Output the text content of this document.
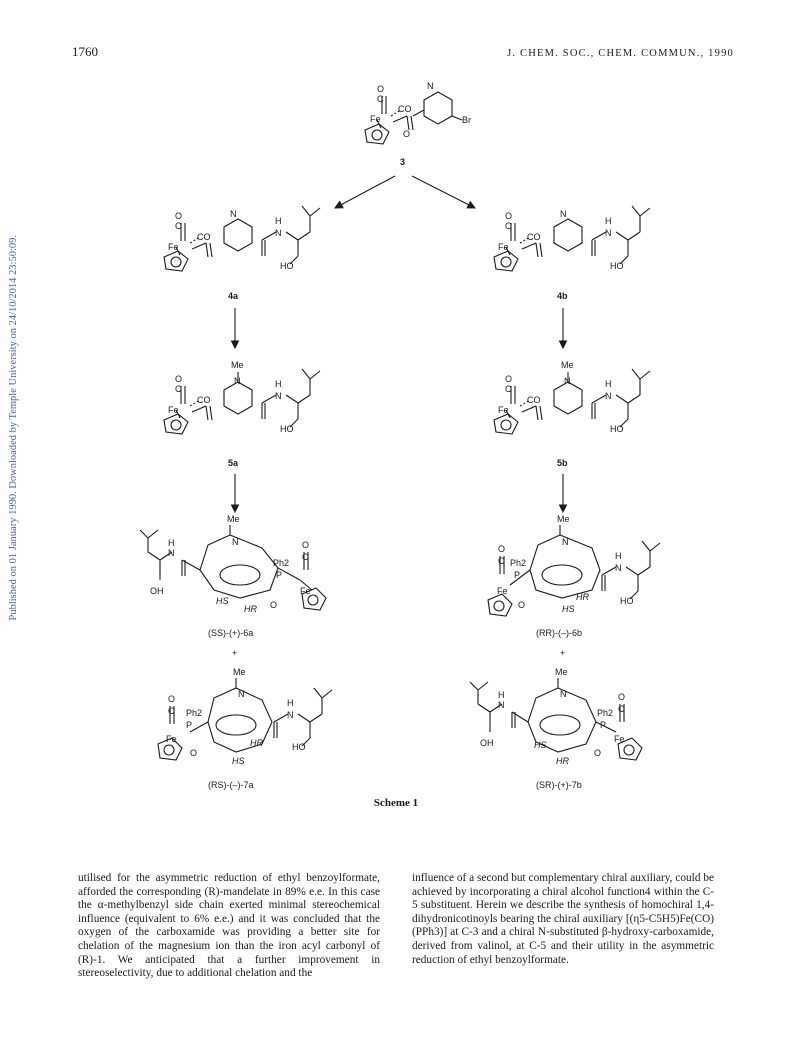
1760	J. CHEM. SOC., CHEM. COMMUN., 1990
Published on 01 January 1990. Downloaded by Temple University on 24/10/2014 23:50:09.
O
C
Fe
CO
N
Br
O
O
C
Fe
CO
N
N
H
HO
O
C
Fe
CO
N
N
H
HO
4a	4b
3
Me
O
C
Fe
CO
N
N
H
HO
Me
O
C
Fe
CO
N
N
H
HO
5a	5b
Me
N
P
Ph2
Fe
O
C
O
HS
HR
N
H
OH
Me
N
P
Ph2
Fe
O
C
O	HS
HR
N
H
HO
(SS)-(+)-6a	(RR)-(–)-6b
+	+
Me
N
P
Ph2
Fe
O
C
O
HR
HS
N
H
HO
Me
N
P
Ph2
Fe
O
C
O
HS
HR
N
H
OH
(RS)-(–)-7a	(SR)-(+)-7b
Scheme 1

utilised for the asymmetric reduction of ethyl benzoylformate, afforded the corresponding (R)-mandelate in 89% e.e. In this case the α-methylbenzyl side chain exerted minimal stereochemical influence (equivalent to 6% e.e.) and it was concluded that the oxygen of the carboxamide was providing a better site for chelation of the magnesium ion than the iron acyl carbonyl of (R)-1. We anticipated that a further improvement in stereoselectivity, due to additional chelation and the

influence of a second but complementary chiral auxiliary, could be achieved by incorporating a chiral alcohol function4 within the C-5 substituent. Herein we describe the synthesis of homochiral 1,4-dihydronicotinoyls bearing the chiral auxiliary [(η5-C5H5)Fe(CO)(PPh3)] at C-3 and a chiral N-substituted β-hydroxy-carboxamide, derived from valinol, at C-5 and their utility in the asymmetric reduction of ethyl benzoylformate.
